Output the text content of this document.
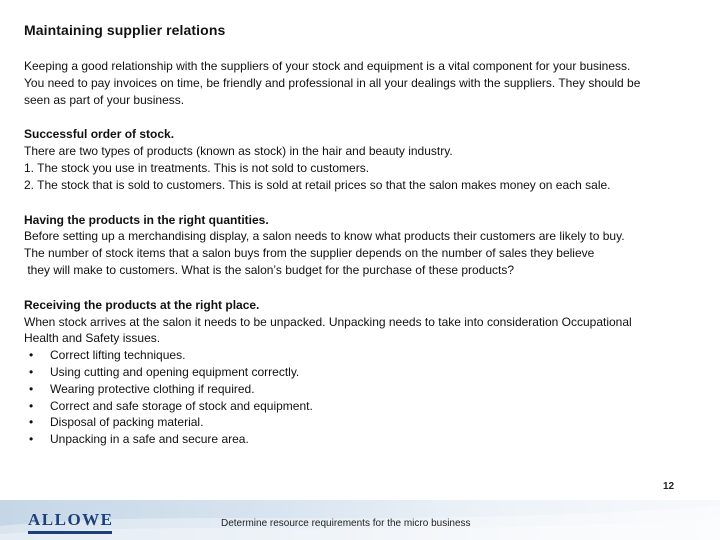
Maintaining supplier relations
Keeping a good relationship with the suppliers of your stock and equipment is a vital component for your business.
You need to pay invoices on time, be friendly and professional in all your dealings with the suppliers. They should be
seen as part of your business.
Successful order of stock.
There are two types of products (known as stock) in the hair and beauty industry.
1. The stock you use in treatments. This is not sold to customers.
2. The stock that is sold to customers. This is sold at retail prices so that the salon makes money on each sale.
Having the products in the right quantities.
Before setting up a merchandising display, a salon needs to know what products their customers are likely to buy.
The number of stock items that a salon buys from the supplier depends on the number of sales they believe
they will make to customers. What is the salon’s budget for the purchase of these products?
Receiving the products at the right place.
When stock arrives at the salon it needs to be unpacked. Unpacking needs to take into consideration Occupational
Health and Safety issues.
• Correct lifting techniques.
• Using cutting and opening equipment correctly.
• Wearing protective clothing if required.
• Correct and safe storage of stock and equipment.
• Disposal of packing material.
• Unpacking in a safe and secure area.
ALLOWE	Determine resource requirements for the micro business
12
